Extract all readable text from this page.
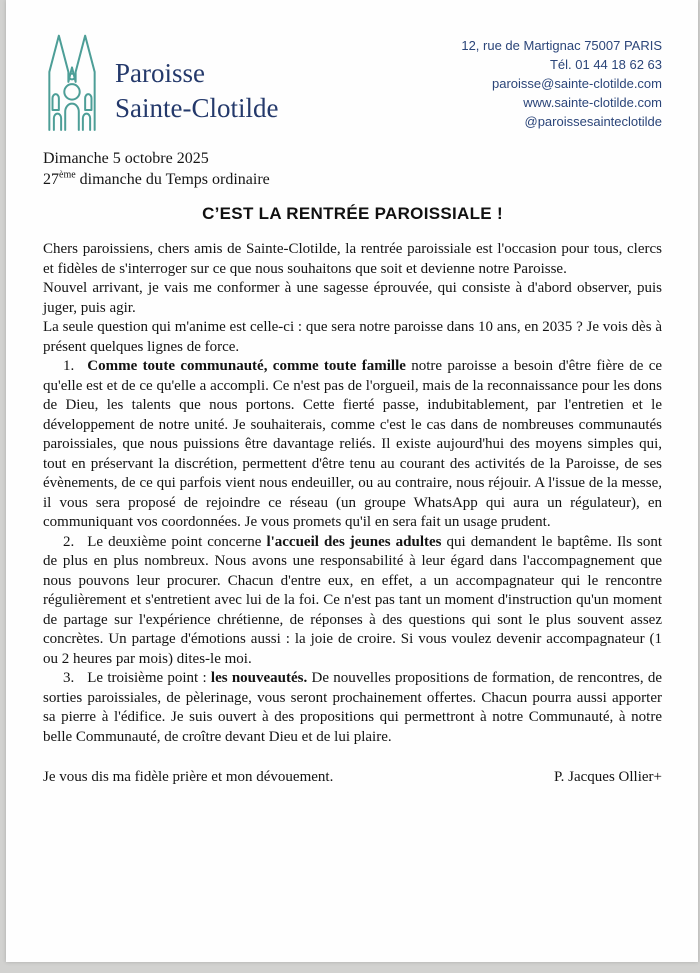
Paroisse
Sainte-Clotilde
12, rue de Martignac 75007 PARIS
Tél. 01 44 18 62 63
paroisse@sainte-clotilde.com
www.sainte-clotilde.com
@paroissesainteclotilde
Dimanche 5 octobre 2025
27ème dimanche du Temps ordinaire
C’EST LA RENTRÉE PAROISSIALE !

Chers paroissiens, chers amis de Sainte-Clotilde, la rentrée paroissiale est l'occasion pour tous, clercs et fidèles de s'interroger sur ce que nous souhaitons que soit et devienne notre Paroisse.

Nouvel arrivant, je vais me conformer à une sagesse éprouvée, qui consiste à d'abord observer, puis juger, puis agir.

La seule question qui m'anime est celle-ci : que sera notre paroisse dans 10 ans, en 2035 ? Je vois dès à présent quelques lignes de force.

1. Comme toute communauté, comme toute famille notre paroisse a besoin d'être fière de ce qu'elle est et de ce qu'elle a accompli. Ce n'est pas de l'orgueil, mais de la reconnaissance pour les dons de Dieu, les talents que nous portons. Cette fierté passe, indubitablement, par l'entretien et le développement de notre unité. Je souhaiterais, comme c'est le cas dans de nombreuses communautés paroissiales, que nous puissions être davantage reliés. Il existe aujourd'hui des moyens simples qui, tout en préservant la discrétion, permettent d'être tenu au courant des activités de la Paroisse, de ses évènements, de ce qui parfois vient nous endeuiller, ou au contraire, nous réjouir. A l'issue de la messe, il vous sera proposé de rejoindre ce réseau (un groupe WhatsApp qui aura un régulateur), en communiquant vos coordonnées. Je vous promets qu'il en sera fait un usage prudent.

2. Le deuxième point concerne l'accueil des jeunes adultes qui demandent le baptême. Ils sont de plus en plus nombreux. Nous avons une responsabilité à leur égard dans l'accompagnement que nous pouvons leur procurer. Chacun d'entre eux, en effet, a un accompagnateur qui le rencontre régulièrement et s'entretient avec lui de la foi. Ce n'est pas tant un moment d'instruction qu'un moment de partage sur l'expérience chrétienne, de réponses à des questions qui sont le plus souvent assez concrètes. Un partage d'émotions aussi : la joie de croire. Si vous voulez devenir accompagnateur (1 ou 2 heures par mois) dites-le moi.

3. Le troisième point : les nouveautés. De nouvelles propositions de formation, de rencontres, de sorties paroissiales, de pèlerinage, vous seront prochainement offertes. Chacun pourra aussi apporter sa pierre à l'édifice. Je suis ouvert à des propositions qui permettront à notre Communauté, à notre belle Communauté, de croître devant Dieu et de lui plaire.

Je vous dis ma fidèle prière et mon dévouement.	P. Jacques Ollier+
